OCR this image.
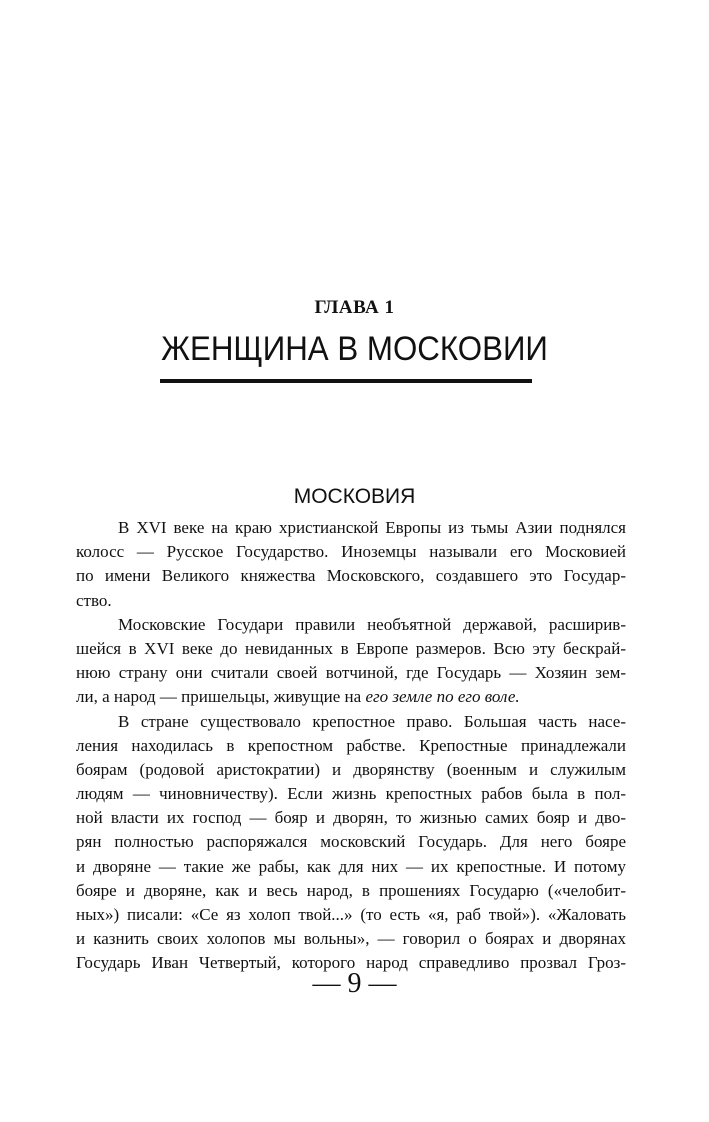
ГЛАВА 1
ЖЕНЩИНА В МОСКОВИИ
МОСКОВИЯ
В XVI веке на краю христианской Европы из тьмы Азии поднялся
колосс — Русское Государство. Иноземцы называли его Московией
по имени Великого княжества Московского, создавшего это Государ-
ство.
Московские Государи правили необъятной державой, расширив-
шейся в XVI веке до невиданных в Европе размеров. Всю эту бескрай-
нюю страну они считали своей вотчиной, где Государь — Хозяин зем-
ли, а народ — пришельцы, живущие на его земле по его воле.
В стране существовало крепостное право. Большая часть насе-
ления находилась в крепостном рабстве. Крепостные принадлежали
боярам (родовой аристократии) и дворянству (военным и служилым
людям — чиновничеству). Если жизнь крепостных рабов была в пол-
ной власти их господ — бояр и дворян, то жизнью самих бояр и дво-
рян полностью распоряжался московский Государь. Для него бояре
и дворяне — такие же рабы, как для них — их крепостные. И потому
бояре и дворяне, как и весь народ, в прошениях Государю («челобит-
ных») писали: «Се яз холоп твой...» (то есть «я, раб твой»). «Жаловать
и казнить своих холопов мы вольны», — говорил о боярах и дворянах
Государь Иван Четвертый, которого народ справедливо прозвал Гроз-
— 9 —
